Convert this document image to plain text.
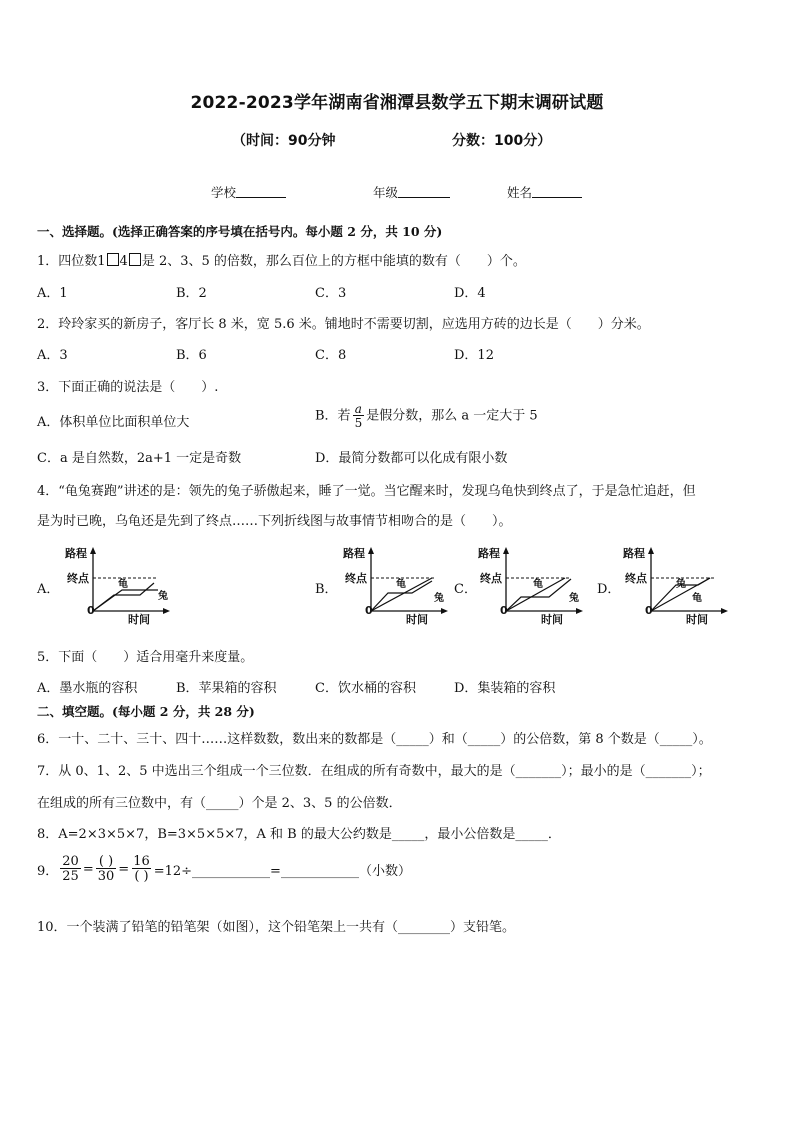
2022-2023学年湖南省湘潭县数学五下期末调研试题
（时间：90分钟	分数：100分）
学校	年级	姓名
一、选择题。(选择正确答案的序号填在括号内。每小题 2 分，共 10 分)
1．四位数1 4 是 2、3、5 的倍数，那么百位上的方框中能填的数有（　　）个。
A．1	B．2	C．3	D．4
2．玲玲家买的新房子，客厅长 8 米，宽 5.6 米。铺地时不需要切割，应选用方砖的边长是（　　）分米。
A．3	B．6	C．8	D．12
3．下面正确的说法是（　　）.
A．体积单位比面积单位大	B．若 $\frac{a}{5}$ 是假分数，那么 a 一定大于 5
C．a 是自然数，2a+1 一定是奇数	D．最简分数都可以化成有限小数
4．“龟兔赛跑”讲述的是：领先的兔子骄傲起来，睡了一觉。当它醒来时，发现乌龟快到终点了，于是急忙追赶，但
是为时已晚，乌龟还是先到了终点……下列折线图与故事情节相吻合的是（　　）。
A．	B．	C．	D．
路程
终点
0
时间
龟
兔
路程
终点
0
时间
龟
兔
路程
终点
0
时间
龟
兔
路程
终点
0
时间
兔
龟
5．下面（　　）适合用毫升来度量。
A．墨水瓶的容积	B．苹果箱的容积	C．饮水桶的容积	D．集装箱的容积
二、填空题。(每小题 2 分，共 28 分)
6．一十、二十、三十、四十……这样数数，数出来的数都是（_____）和（_____）的公倍数，第 8 个数是（_____）。
7．从 0、1、2、5 中选出三个组成一个三位数．在组成的所有奇数中，最大的是（_______）；最小的是（_______）；
在组成的所有三位数中，有（_____）个是 2、3、5 的公倍数．
8．A=2×3×5×7，B=3×5×5×7，A 和 B 的最大公约数是_____，最小公倍数是_____．
9． $\frac{20}{25} = \frac{( )}{30} = \frac{16}{( )}$ =12÷____________=____________（小数）
10．一个装满了铅笔的铅笔架（如图），这个铅笔架上一共有（________）支铅笔。
